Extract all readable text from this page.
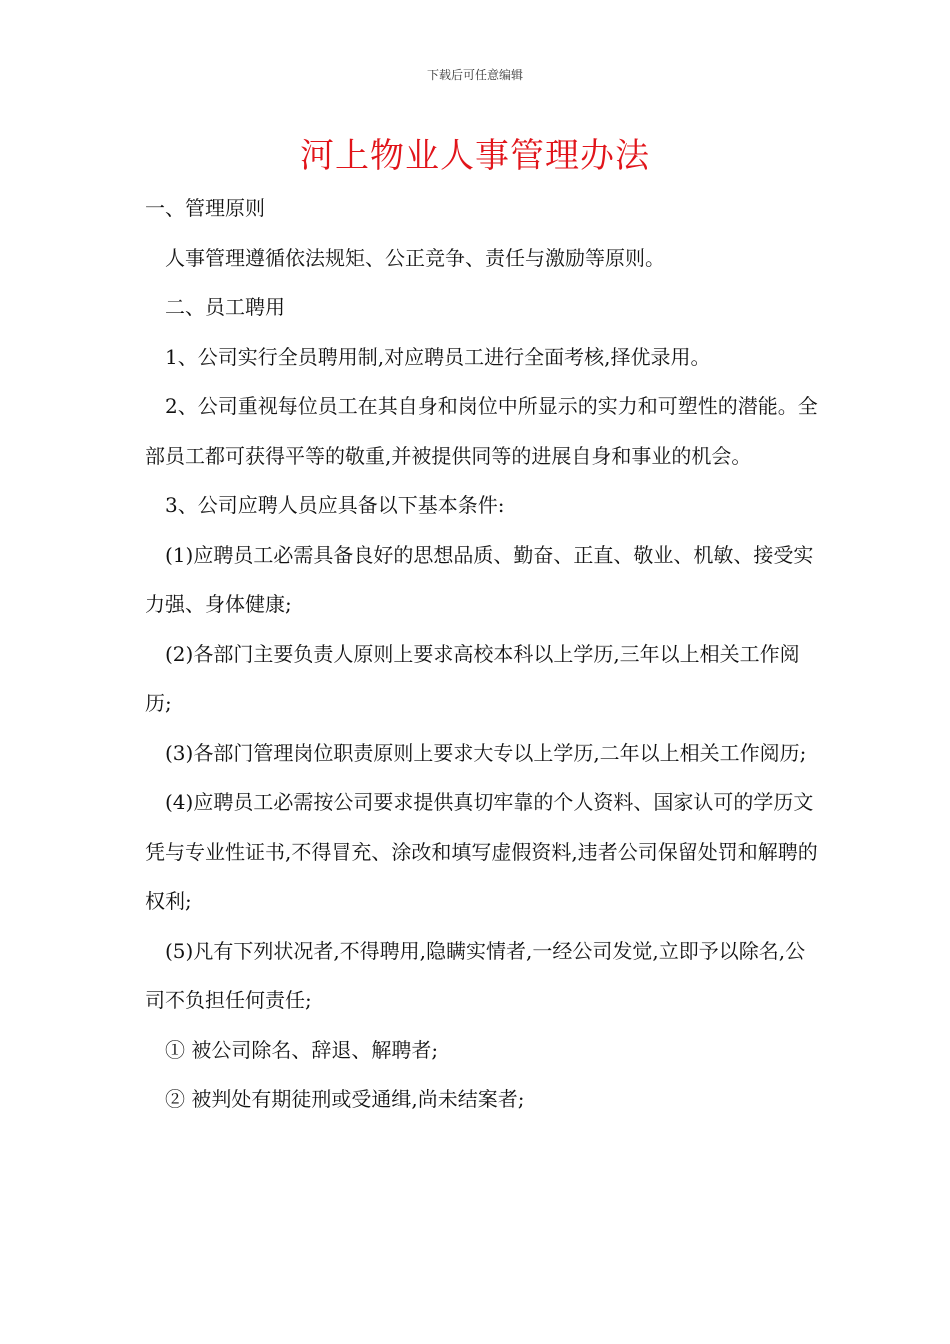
下载后可任意编辑
河上物业人事管理办法

一、管理原则

人事管理遵循依法规矩、公正竞争、责任与激励等原则。

二、员工聘用

1、公司实行全员聘用制,对应聘员工进行全面考核,择优录用。

2、公司重视每位员工在其自身和岗位中所显示的实力和可塑性的潜能。全部员工都可获得平等的敬重,并被提供同等的进展自身和事业的机会。

3、公司应聘人员应具备以下基本条件:

(1)应聘员工必需具备良好的思想品质、勤奋、正直、敬业、机敏、接受实力强、身体健康;

(2)各部门主要负责人原则上要求高校本科以上学历,三年以上相关工作阅历;

(3)各部门管理岗位职责原则上要求大专以上学历,二年以上相关工作阅历;

(4)应聘员工必需按公司要求提供真切牢靠的个人资料、国家认可的学历文凭与专业性证书,不得冒充、涂改和填写虚假资料,违者公司保留处罚和解聘的权利;

(5)凡有下列状况者,不得聘用,隐瞒实情者,一经公司发觉,立即予以除名,公司不负担任何责任;

① 被公司除名、辞退、解聘者;

② 被判处有期徒刑或受通缉,尚未结案者;
